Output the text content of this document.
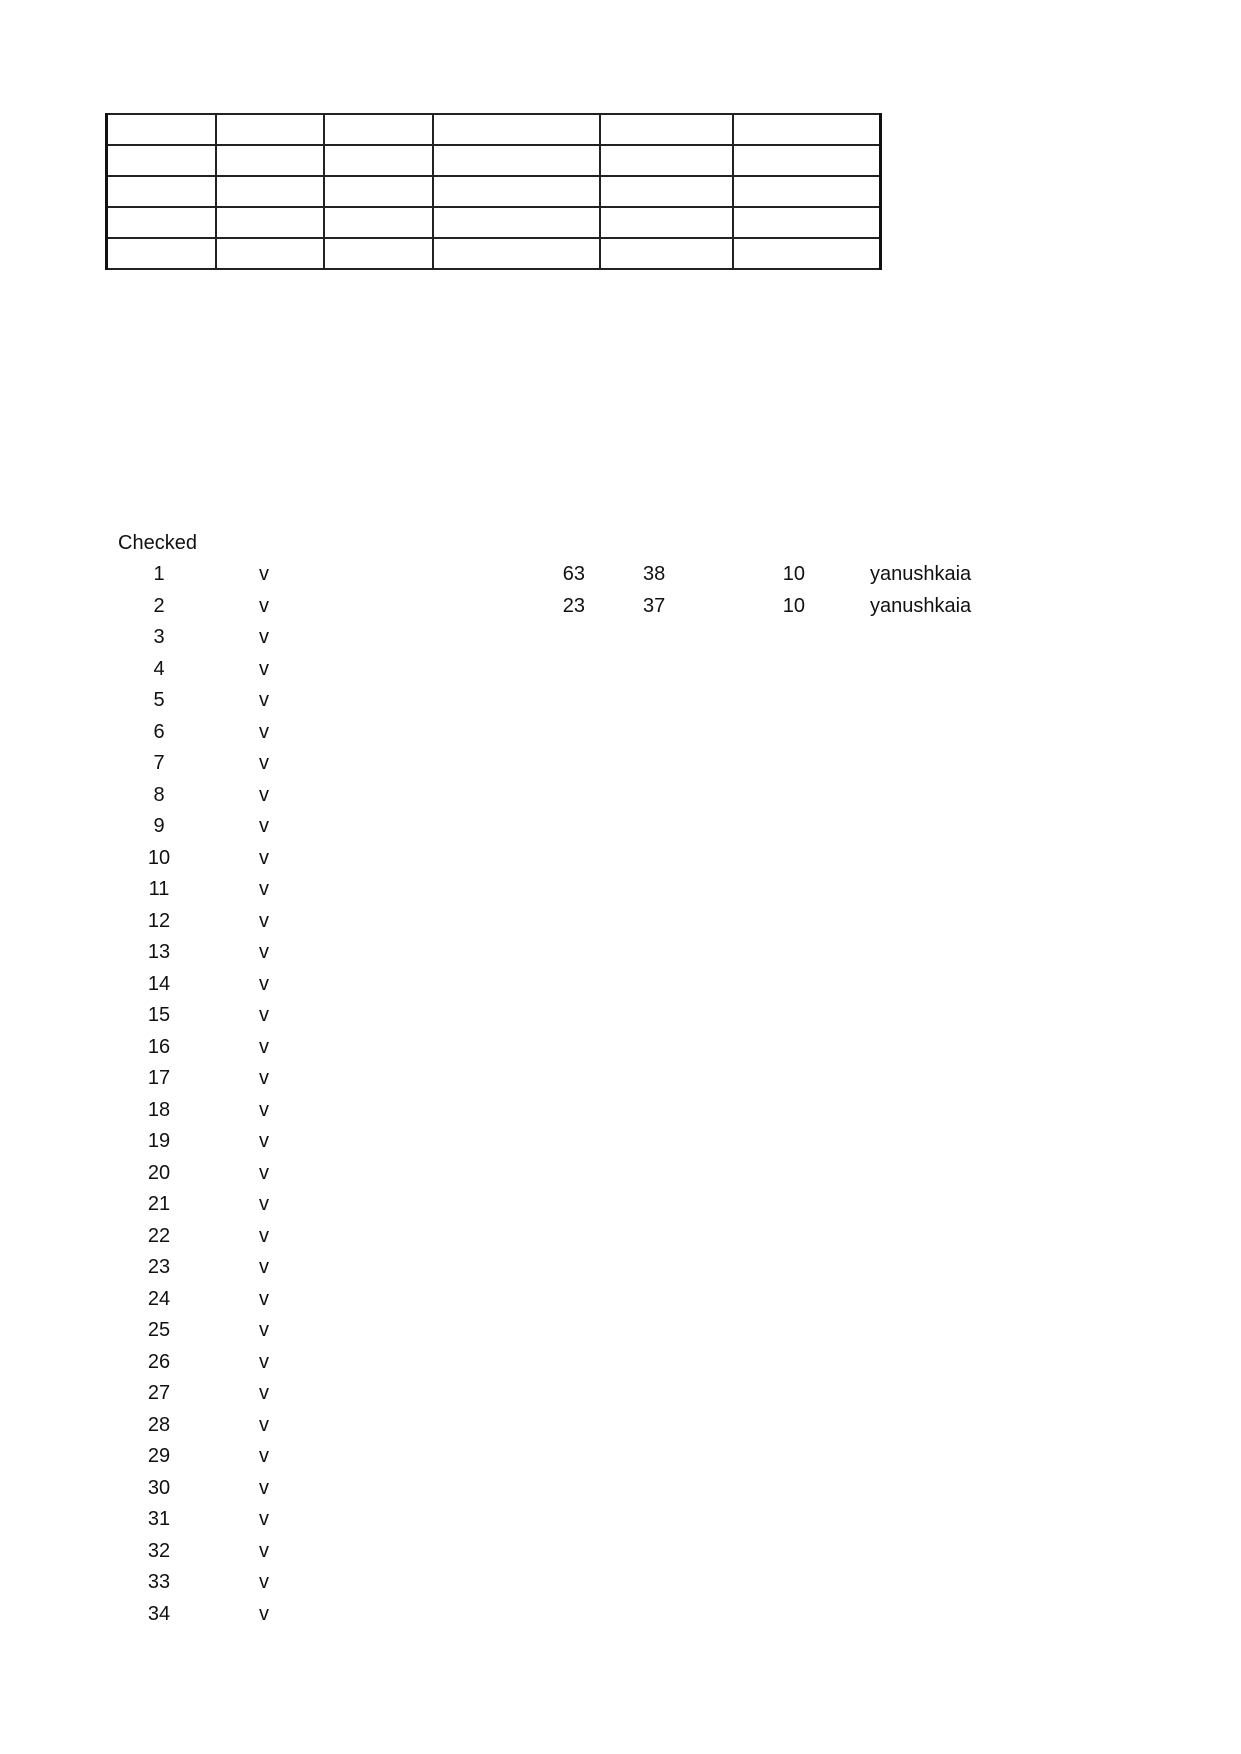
Checked
1	v	63	38	10	yanushkaia
2	v	23	37	10	yanushkaia
3	v
4	v
5	v
6	v
7	v
8	v
9	v
10	v
11	v
12	v
13	v
14	v
15	v
16	v
17	v
18	v
19	v
20	v
21	v
22	v
23	v
24	v
25	v
26	v
27	v
28	v
29	v
30	v
31	v
32	v
33	v
34	v
